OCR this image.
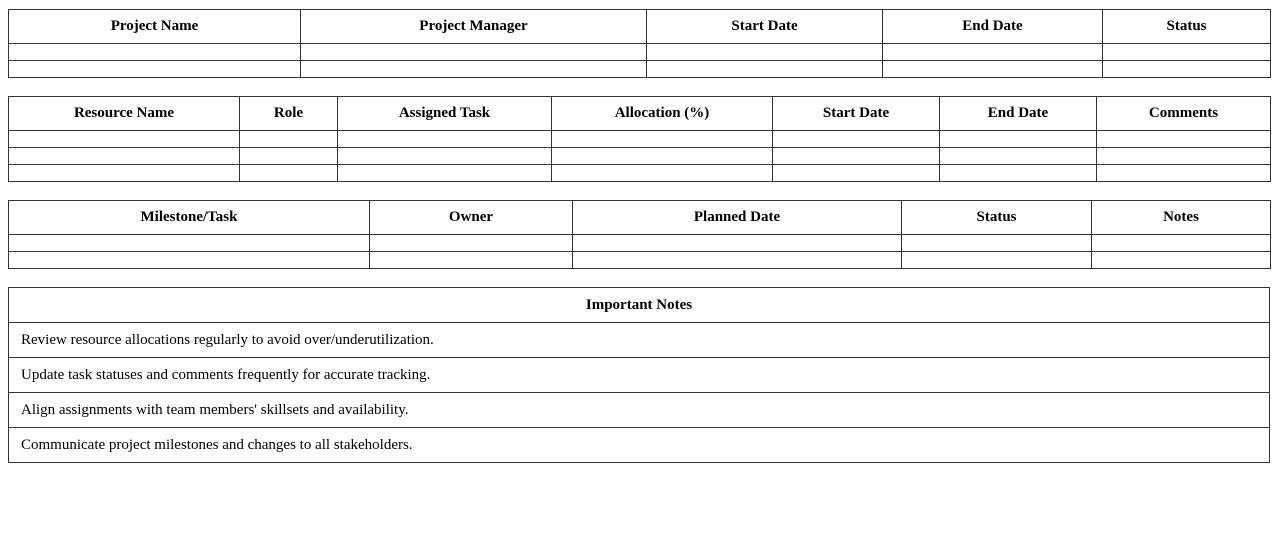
Project Name	Project Manager	Start Date	End Date	Status

Resource Name	Role	Assigned Task	Allocation (%)	Start Date	End Date	Comments

Milestone/Task	Owner	Planned Date	Status	Notes

Important Notes
Review resource allocations regularly to avoid over/underutilization.
Update task statuses and comments frequently for accurate tracking.
Align assignments with team members' skillsets and availability.
Communicate project milestones and changes to all stakeholders.
